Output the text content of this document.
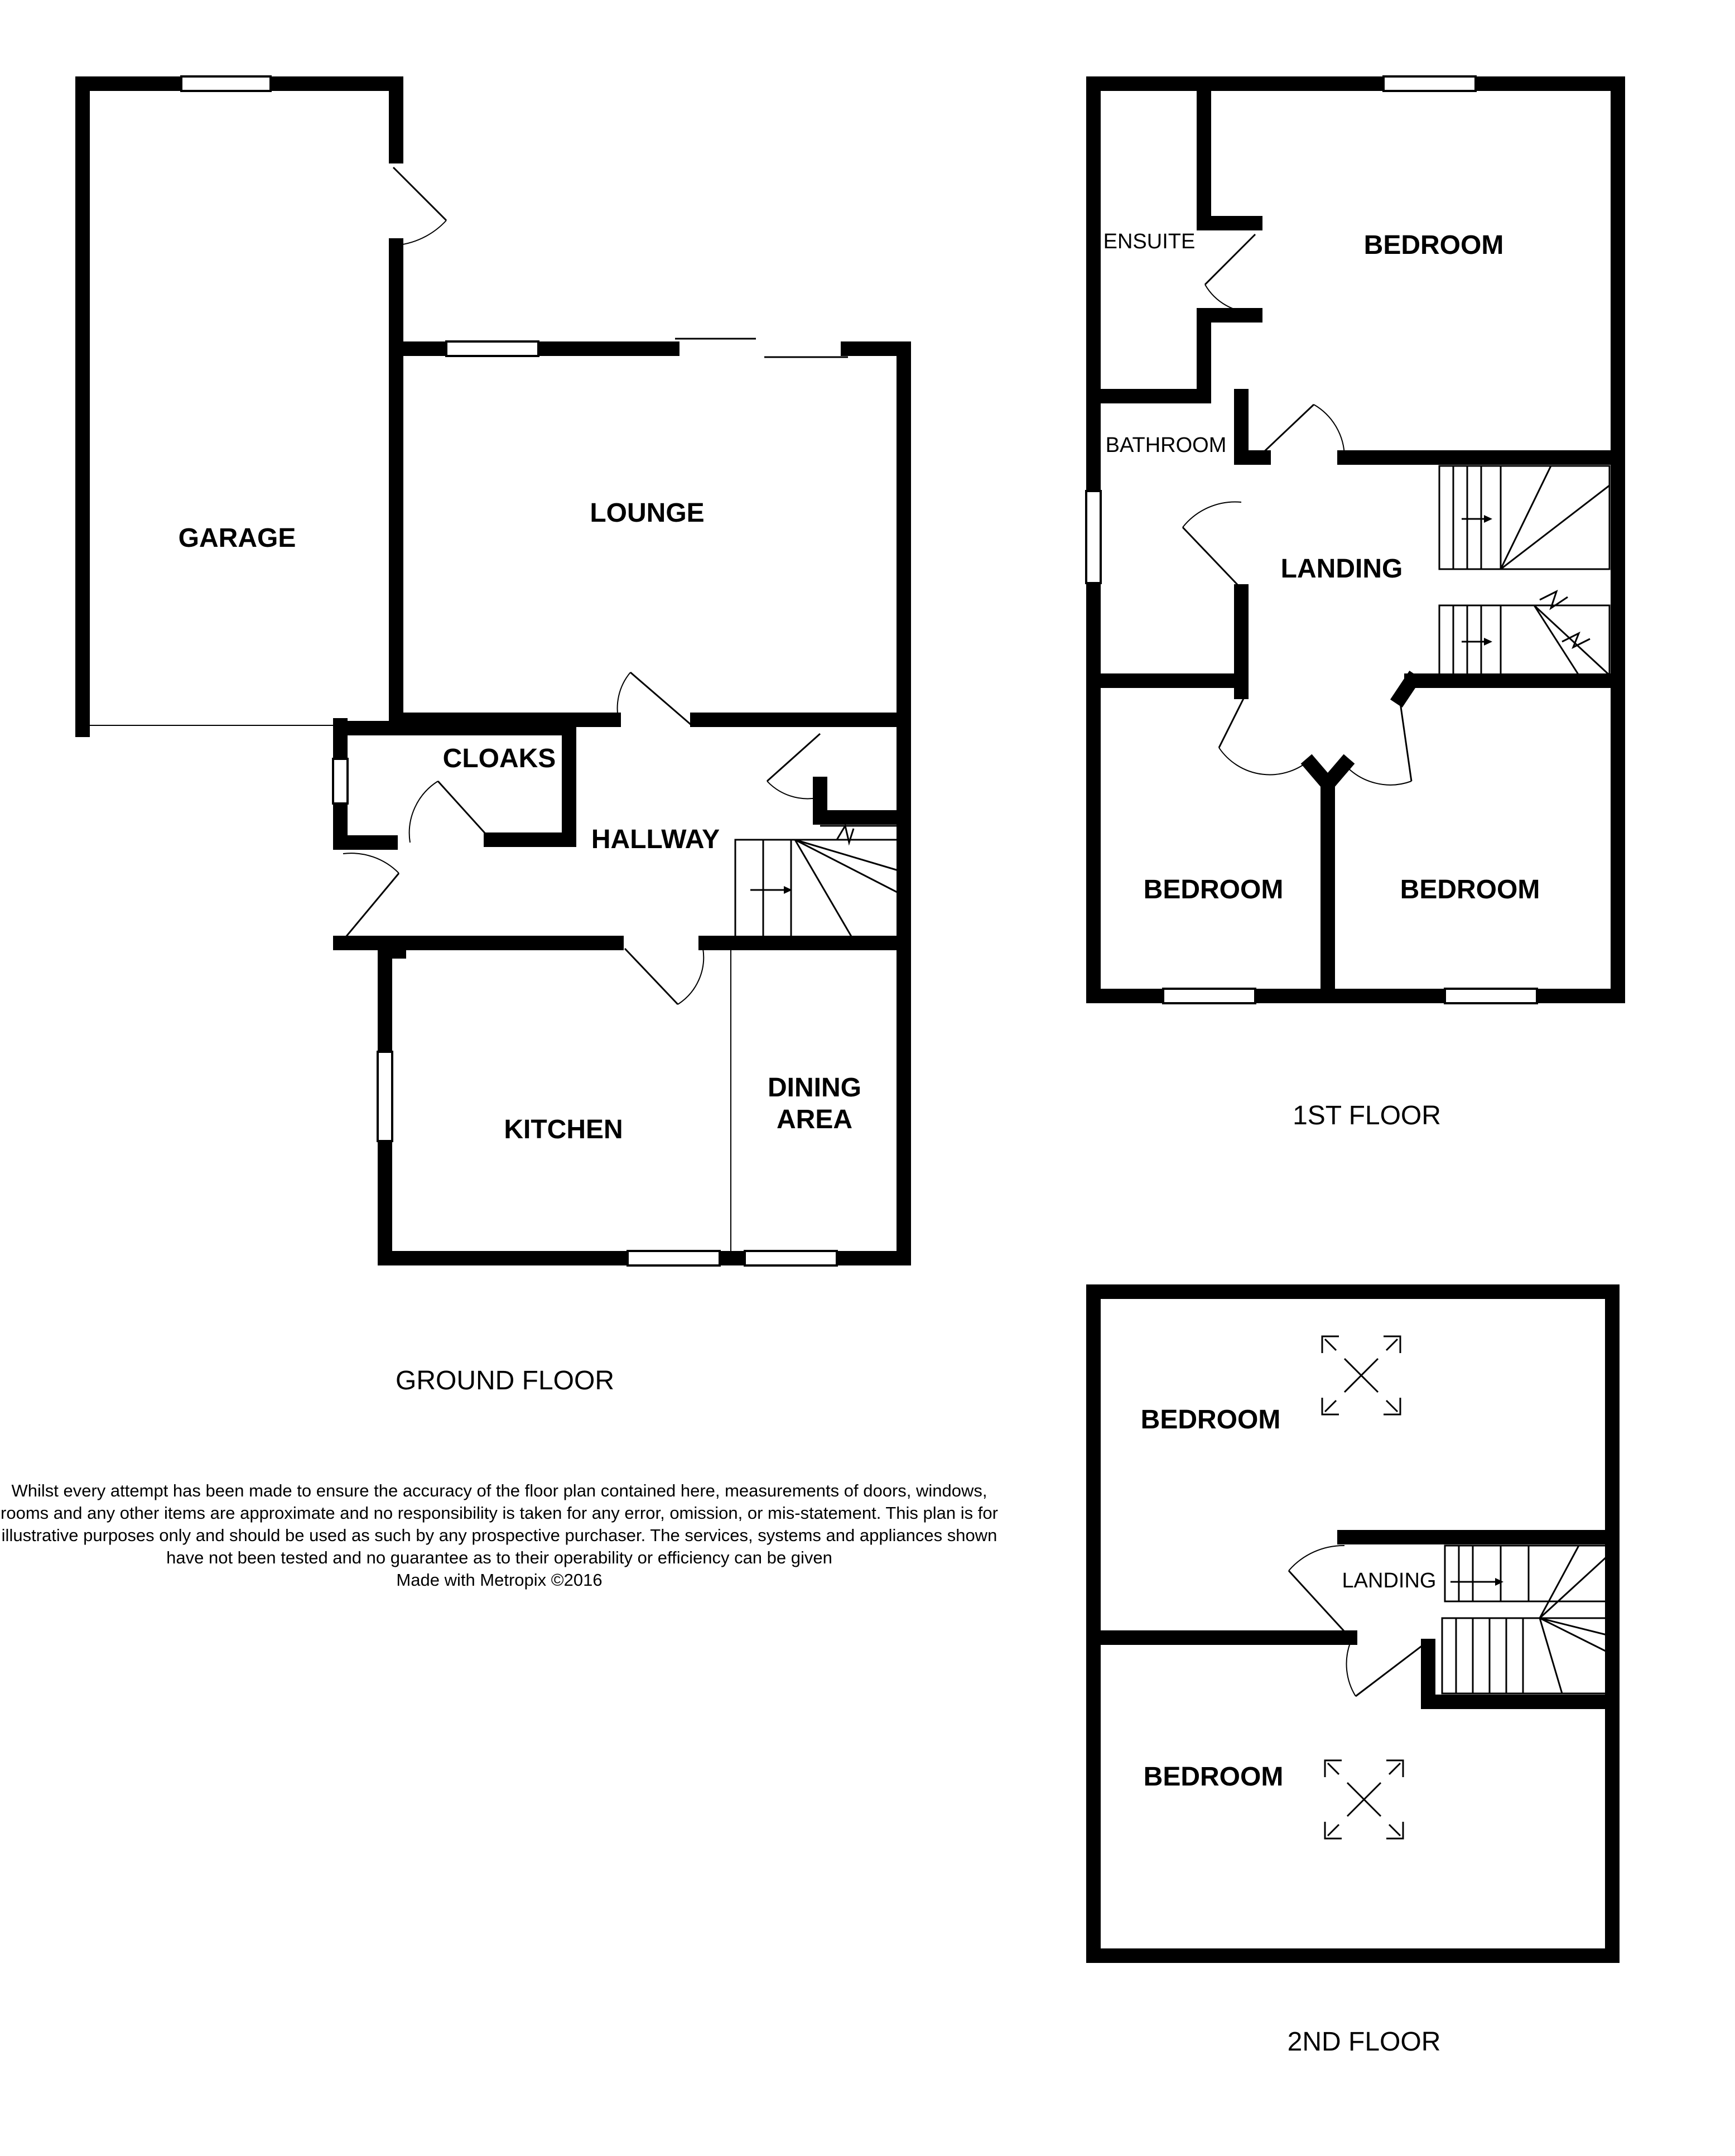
GARAGE
LOUNGE
CLOAKS
HALLWAY
KITCHEN
DINING
AREA
GROUND FLOOR
ENSUITE	BEDROOM
BATHROOM
LANDING
BEDROOM	BEDROOM
1ST FLOOR
BEDROOM
LANDING
BEDROOM
2ND FLOOR

Whilst every attempt has been made to ensure the accuracy of the floor plan contained here, measurements of doors, windows, rooms and any other items are approximate and no responsibility is taken for any error, omission, or mis-statement. This plan is for illustrative purposes only and should be used as such by any prospective purchaser. The services, systems and appliances shown have not been tested and no guarantee as to their operability or efficiency can be given

Made with Metropix ©2016
